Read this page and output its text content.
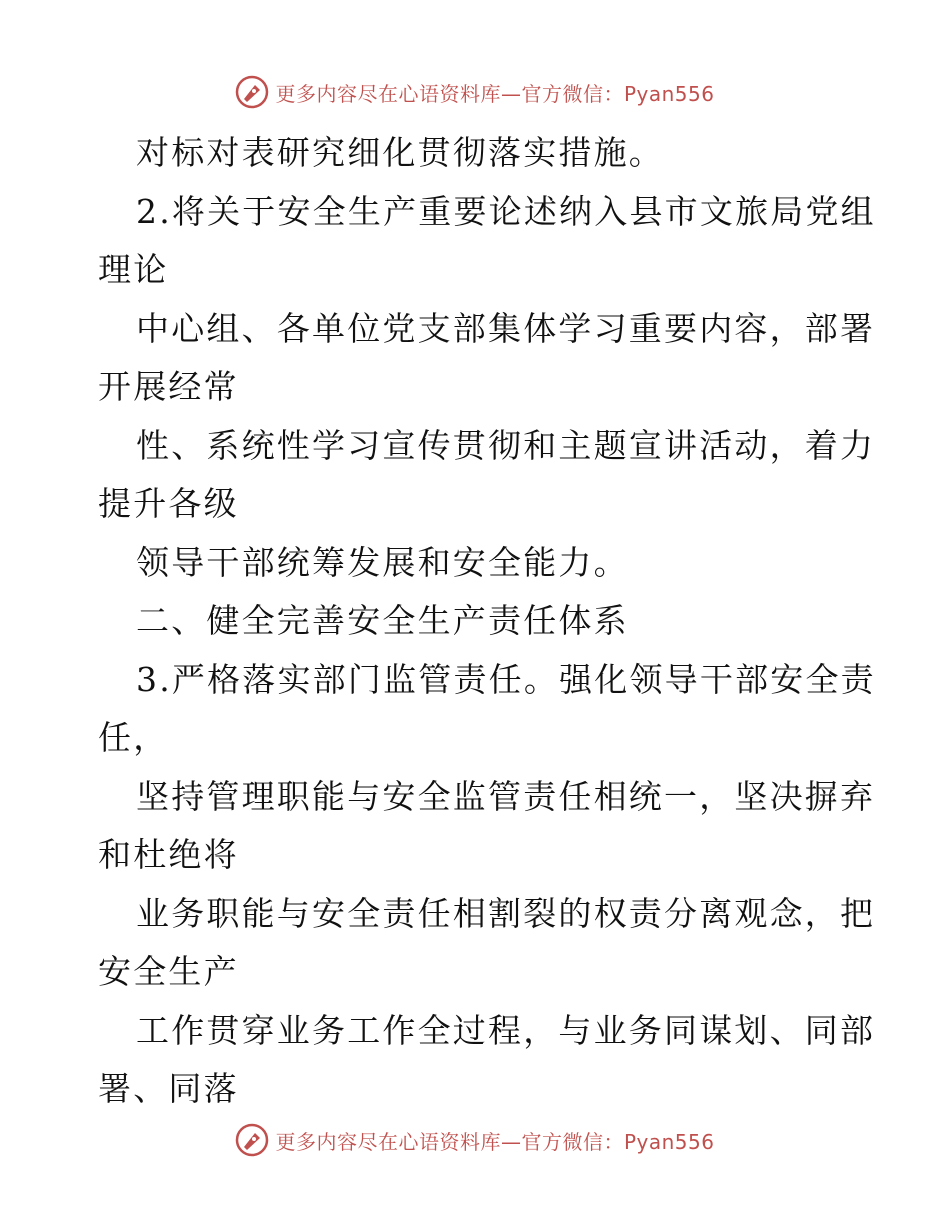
更多内容尽在心语资料库—官方微信：Pyan556
对标对表研究细化贯彻落实措施。
2.将关于安全生产重要论述纳入县市文旅局党组
理论
中心组、各单位党支部集体学习重要内容，部署
开展经常
性、系统性学习宣传贯彻和主题宣讲活动，着力
提升各级
领导干部统筹发展和安全能力。
二、健全完善安全生产责任体系
3.严格落实部门监管责任。强化领导干部安全责
任，
坚持管理职能与安全监管责任相统一，坚决摒弃
和杜绝将
业务职能与安全责任相割裂的权责分离观念，把
安全生产
工作贯穿业务工作全过程，与业务同谋划、同部
署、同落
更多内容尽在心语资料库—官方微信：Pyan556
